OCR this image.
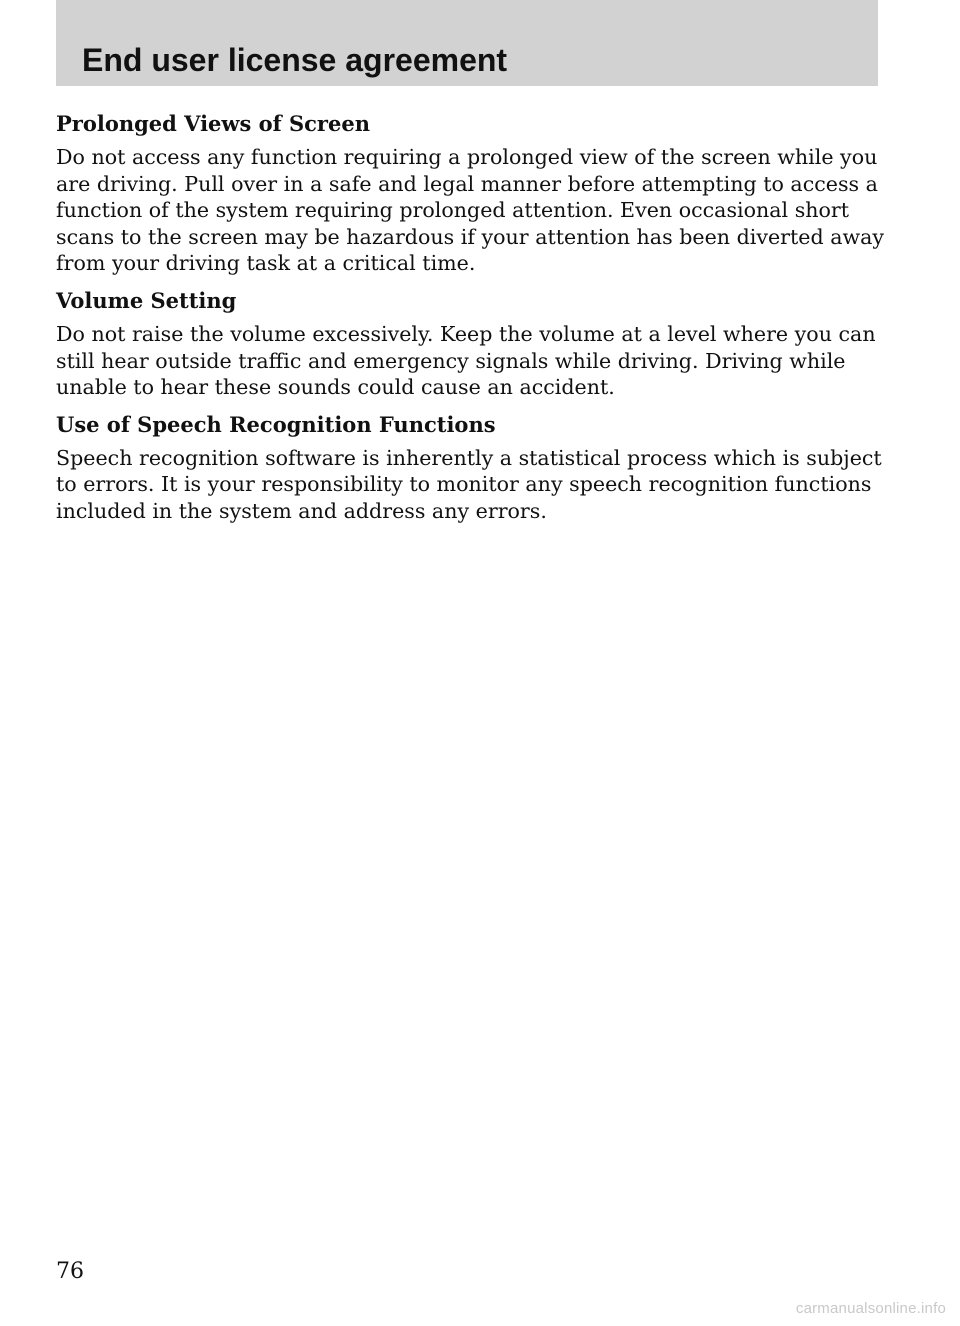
End user license agreement
Prolonged Views of Screen
Do not access any function requiring a prolonged view of the screen while you are driving. Pull over in a safe and legal manner before attempting to access a function of the system requiring prolonged attention. Even occasional short scans to the screen may be hazardous if your attention has been diverted away from your driving task at a critical time.
Volume Setting
Do not raise the volume excessively. Keep the volume at a level where you can still hear outside traffic and emergency signals while driving. Driving while unable to hear these sounds could cause an accident.
Use of Speech Recognition Functions
Speech recognition software is inherently a statistical process which is subject to errors. It is your responsibility to monitor any speech recognition functions included in the system and address any errors.
76
carmanualsonline.info
